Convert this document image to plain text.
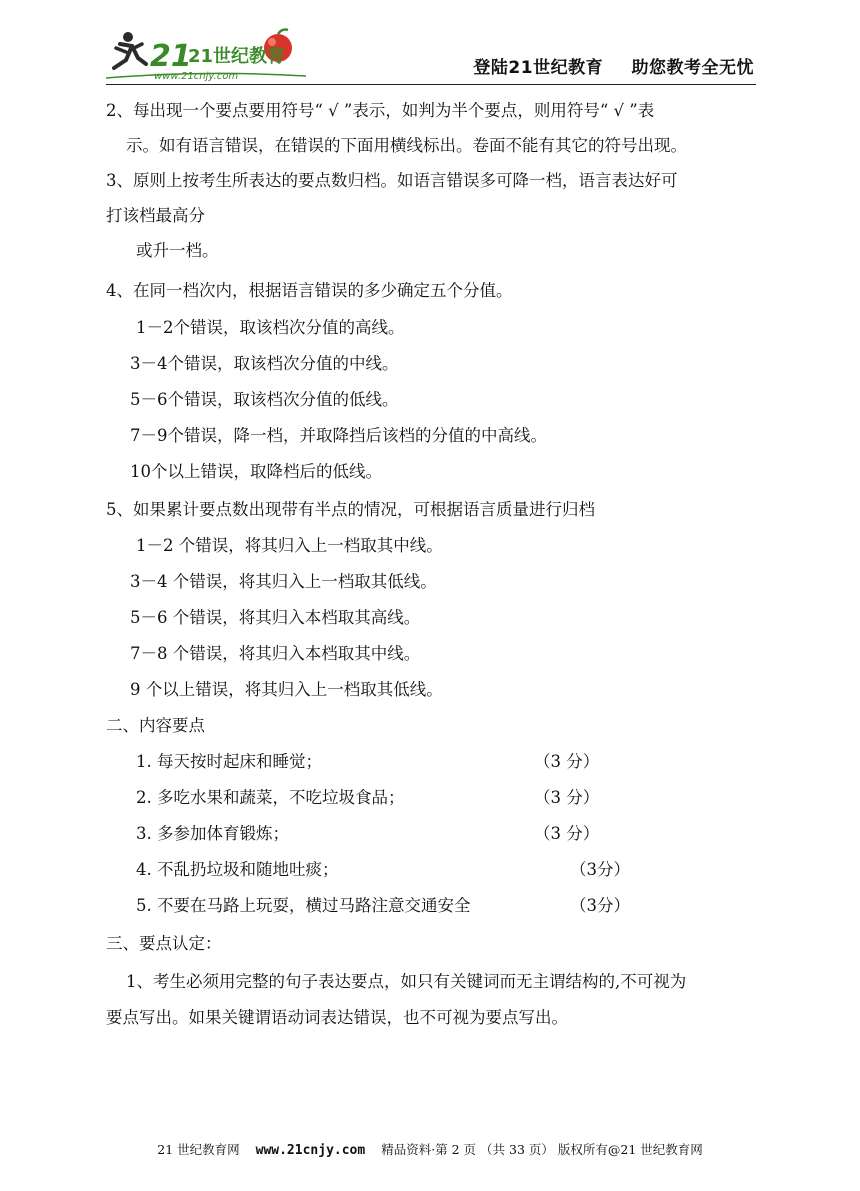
21
21世纪教育
www.21cnjy.com	登陆21世纪教育 助您教考全无忧
2、每出现一个要点要用符号“ √ ”表示，如判为半个要点，则用符号“ √ ”表
示。如有语言错误，在错误的下面用横线标出。卷面不能有其它的符号出现。
3、原则上按考生所表达的要点数归档。如语言错误多可降一档，语言表达好可
打该档最高分
或升一档。
4、在同一档次内，根据语言错误的多少确定五个分值。
1－2个错误，取该档次分值的高线。
3－4个错误，取该档次分值的中线。
5－6个错误，取该档次分值的低线。
7－9个错误，降一档，并取降挡后该档的分值的中高线。
10个以上错误，取降档后的低线。
5、如果累计要点数出现带有半点的情况，可根据语言质量进行归档
1－2 个错误，将其归入上一档取其中线。
3－4 个错误，将其归入上一档取其低线。
5－6 个错误，将其归入本档取其高线。
7－8 个错误，将其归入本档取其中线。
9 个以上错误，将其归入上一档取其低线。
二、内容要点
1. 每天按时起床和睡觉；	（3 分）
2. 多吃水果和蔬菜，不吃垃圾食品；	（3 分）
3. 多参加体育锻炼；	（3 分）
4. 不乱扔垃圾和随地吐痰；	（3分）
5. 不要在马路上玩耍，横过马路注意交通安全	（3分）
三、要点认定：
1、考生必须用完整的句子表达要点，如只有关键词而无主谓结构的,不可视为
要点写出。如果关键谓语动词表达错误，也不可视为要点写出。
21 世纪教育网 www.21cnjy.com 精品资料·第 2 页 （共 33 页） 版权所有@21 世纪教育网
